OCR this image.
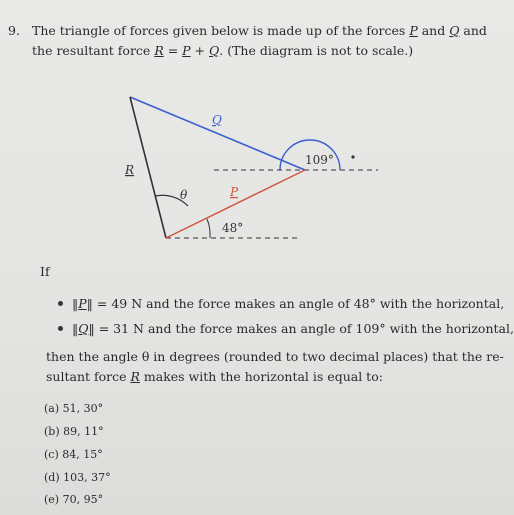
9. The triangle of forces given below is made up of the forces P and Q and
the resultant force R = P + Q. (The diagram is not to scale.)
Q
R
P
θ
109°
48°
If
‖P‖ = 49 N and the force makes an angle of 48° with the horizontal,
‖Q‖ = 31 N and the force makes an angle of 109° with the horizontal,
then the angle θ in degrees (rounded to two decimal places) that the re-
sultant force R makes with the horizontal is equal to:
(a) 51, 30°
(b) 89, 11°
(c) 84, 15°
(d) 103, 37°
(e) 70, 95°
